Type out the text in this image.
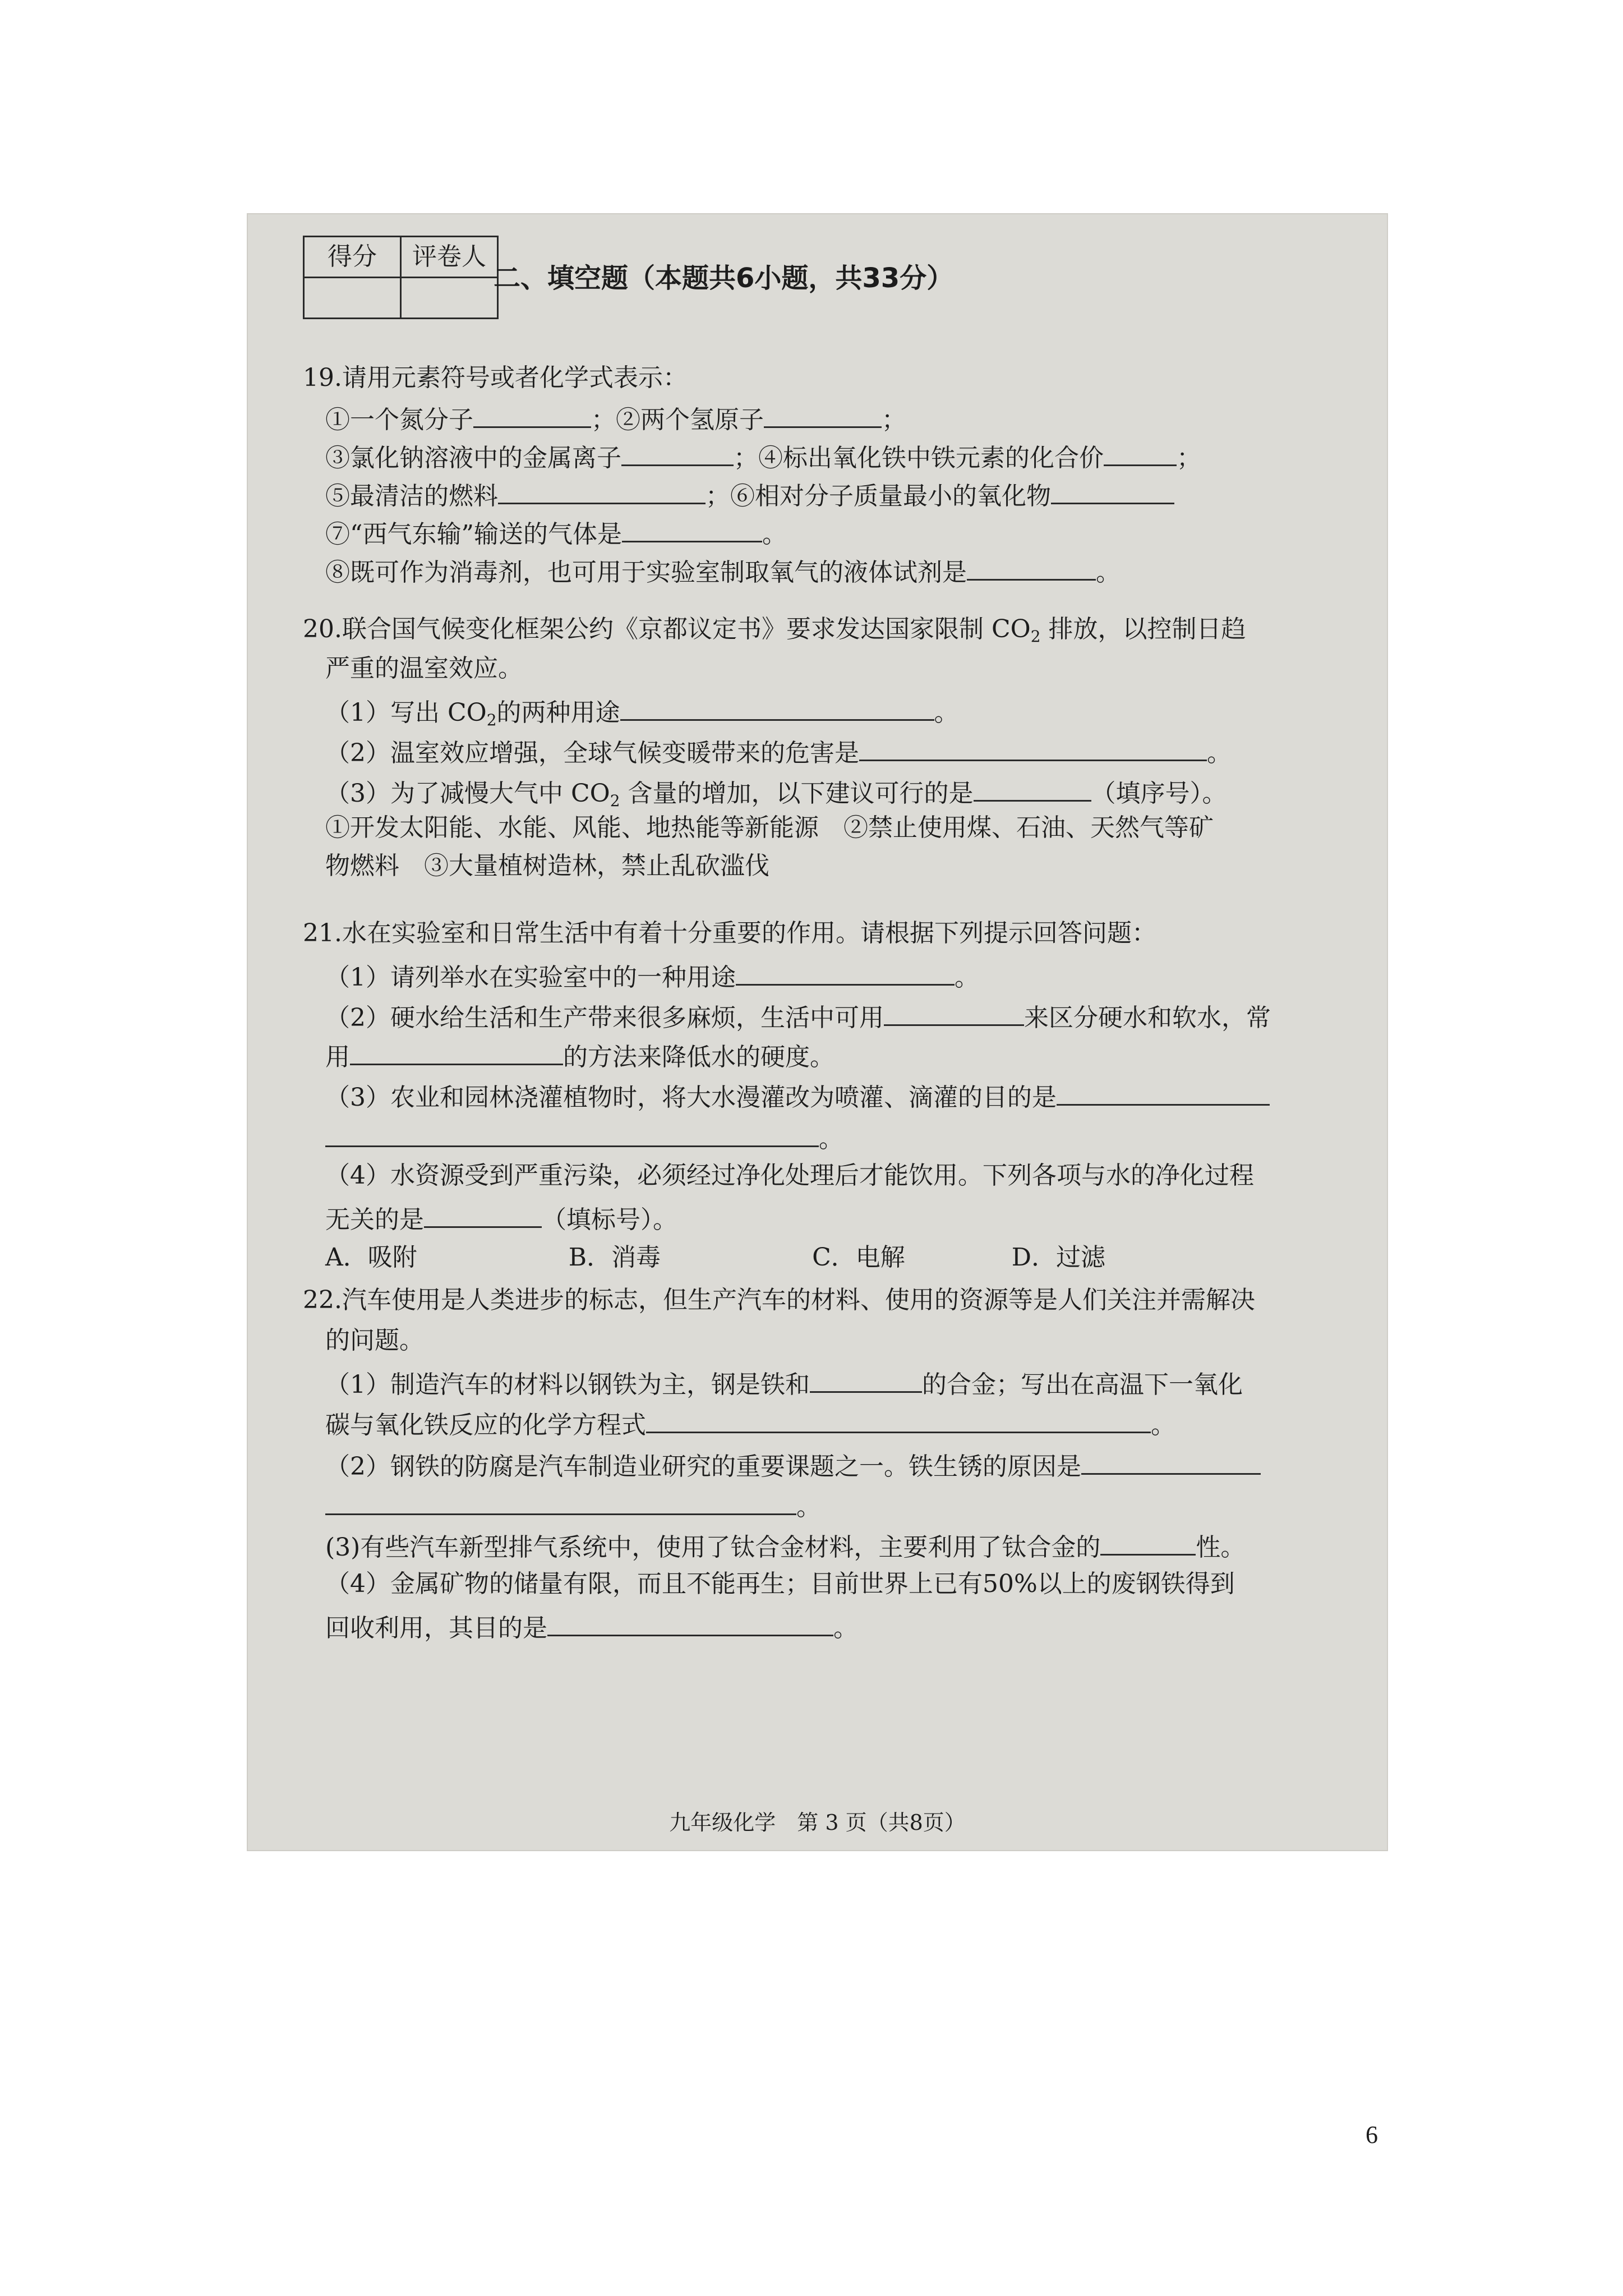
得分	评卷人

二、填空题（本题共6小题，共33分）
19.请用元素符号或者化学式表示：
①一个氮分子	；②两个氢原子	；
③氯化钠溶液中的金属离子	；④标出氧化铁中铁元素的化合价	；
⑤最清洁的燃料	；⑥相对分子质量最小的氧化物
⑦“西气东输”输送的气体是	。
⑧既可作为消毒剂，也可用于实验室制取氧气的液体试剂是	。
20.联合国气候变化框架公约《京都议定书》要求发达国家限制 $CO_2$ 排放，以控制日趋
严重的温室效应。
（1）写出 $CO_2$的两种用途	。
（2）温室效应增强，全球气候变暖带来的危害是	。
（3）为了减慢大气中 $CO_2$ 含量的增加，以下建议可行的是	（填序号）。
①开发太阳能、水能、风能、地热能等新能源　②禁止使用煤、石油、天然气等矿
物燃料　③大量植树造林，禁止乱砍滥伐
21.水在实验室和日常生活中有着十分重要的作用。请根据下列提示回答问题：
（1）请列举水在实验室中的一种用途	。
（2）硬水给生活和生产带来很多麻烦，生活中可用	来区分硬水和软水，常
用	的方法来降低水的硬度。
（3）农业和园林浇灌植物时，将大水漫灌改为喷灌、滴灌的目的是
。
（4）水资源受到严重污染，必须经过净化处理后才能饮用。下列各项与水的净化过程
无关的是	（填标号）。
A．吸附	B．消毒	C．电解	D．过滤
22.汽车使用是人类进步的标志，但生产汽车的材料、使用的资源等是人们关注并需解决
的问题。
（1）制造汽车的材料以钢铁为主，钢是铁和	的合金；写出在高温下一氧化
碳与氧化铁反应的化学方程式	。
（2）钢铁的防腐是汽车制造业研究的重要课题之一。铁生锈的原因是
。
(3)有些汽车新型排气系统中，使用了钛合金材料，主要利用了钛合金的	性。
（4）金属矿物的储量有限，而且不能再生；目前世界上已有50%以上的废钢铁得到
回收利用，其目的是	。
九年级化学　第 3 页（共8页）
6
